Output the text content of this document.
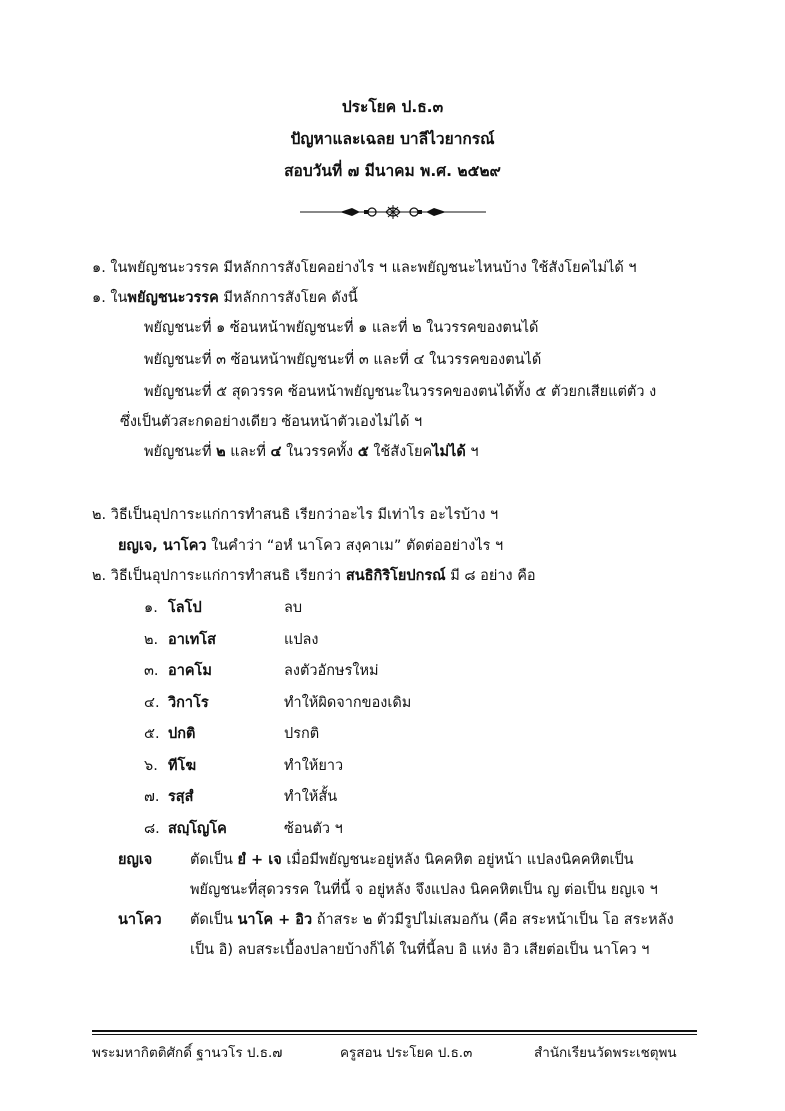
ประโยค ป.ธ.๓
ปัญหาและเฉลย บาลีไวยากรณ์
สอบวันที่ ๗ มีนาคม พ.ศ. ๒๕๒๙
๑. ในพยัญชนะวรรค มีหลักการสังโยคอย่างไร ฯ และพยัญชนะไหนบ้าง ใช้สังโยคไม่ได้ ฯ
๑. ในพยัญชนะวรรค มีหลักการสังโยค ดังนี้
พยัญชนะที่ ๑ ซ้อนหน้าพยัญชนะที่ ๑ และที่ ๒ ในวรรคของตนได้
พยัญชนะที่ ๓ ซ้อนหน้าพยัญชนะที่ ๓ และที่ ๔ ในวรรคของตนได้
พยัญชนะที่ ๕ สุดวรรค ซ้อนหน้าพยัญชนะในวรรคของตนได้ทั้ง ๕ ตัวยกเสียแต่ตัว ง
ซึ่งเป็นตัวสะกดอย่างเดียว ซ้อนหน้าตัวเองไม่ได้ ฯ
พยัญชนะที่ ๒ และที่ ๔ ในวรรคทั้ง ๕ ใช้สังโยคไม่ได้ ฯ
๒. วิธีเป็นอุปการะแก่การทำสนธิ เรียกว่าอะไร มีเท่าไร อะไรบ้าง ฯ
ยญเจ, นาโคว ในคำว่า “อหํ นาโคว สงฺคาเม” ตัดต่ออย่างไร ฯ
๒. วิธีเป็นอุปการะแก่การทำสนธิ เรียกว่า สนธิกิริโยปกรณ์ มี ๘ อย่าง คือ
๑. โลโป	ลบ
๒. อาเทโส	แปลง
๓. อาคโม	ลงตัวอักษรใหม่
๔. วิกาโร	ทำให้ผิดจากของเดิม
๕. ปกติ	ปรกติ
๖. ทีโฆ	ทำให้ยาว
๗. รสฺสํ	ทำให้สั้น
๘. สญฺโญโค	ซ้อนตัว ฯ
ยญเจ	ตัดเป็น ยํ + เจ เมื่อมีพยัญชนะอยู่หลัง นิคคหิต อยู่หน้า แปลงนิคคหิตเป็น
พยัญชนะที่สุดวรรค ในที่นี้ จ อยู่หลัง จึงแปลง นิคคหิตเป็น ญ ต่อเป็น ยญเจ ฯ
นาโคว ตัดเป็น นาโค + อิว ถ้าสระ ๒ ตัวมีรูปไม่เสมอกัน (คือ สระหน้าเป็น โอ สระหลัง
เป็น อิ) ลบสระเบื้องปลายบ้างก็ได้ ในที่นี้ลบ อิ แห่ง อิว เสียต่อเป็น นาโคว ฯ
พระมหากิตติศักดิ์ ฐานวโร ป.ธ.๗	ครูสอน ประโยค ป.ธ.๓	สำนักเรียนวัดพระเชตุพน
